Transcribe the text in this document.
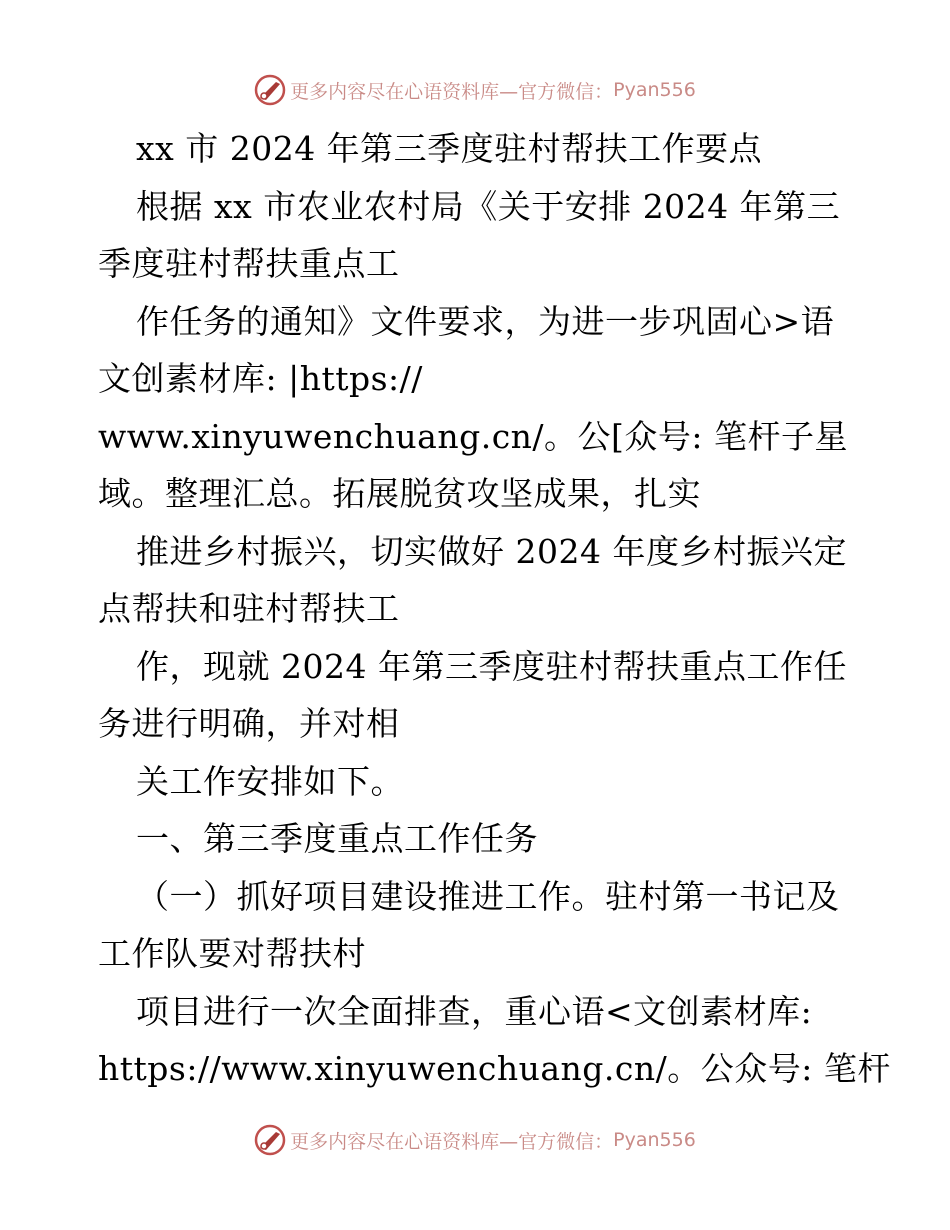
更多内容尽在心语资料库—官方微信： Pyan556
xx 市 2024 年第三季度驻村帮扶工作要点
根据 xx 市农业农村局《关于安排 2024 年第三
季度驻村帮扶重点工
作任务的通知》文件要求，为进一步巩固心>语
文创素材库: |https://
www.xinyuwenchuang.cn/。公[众号: 笔杆子星
域。整理汇总。拓展脱贫攻坚成果，扎实
推进乡村振兴，切实做好 2024 年度乡村振兴定
点帮扶和驻村帮扶工
作，现就 2024 年第三季度驻村帮扶重点工作任
务进行明确，并对相
关工作安排如下。
一、第三季度重点工作任务
（一）抓好项目建设推进工作。驻村第一书记及
工作队要对帮扶村
项目进行一次全面排查，重心语<文创素材库:
https://www.xinyuwenchuang.cn/。公众号: 笔杆
更多内容尽在心语资料库—官方微信： Pyan556
